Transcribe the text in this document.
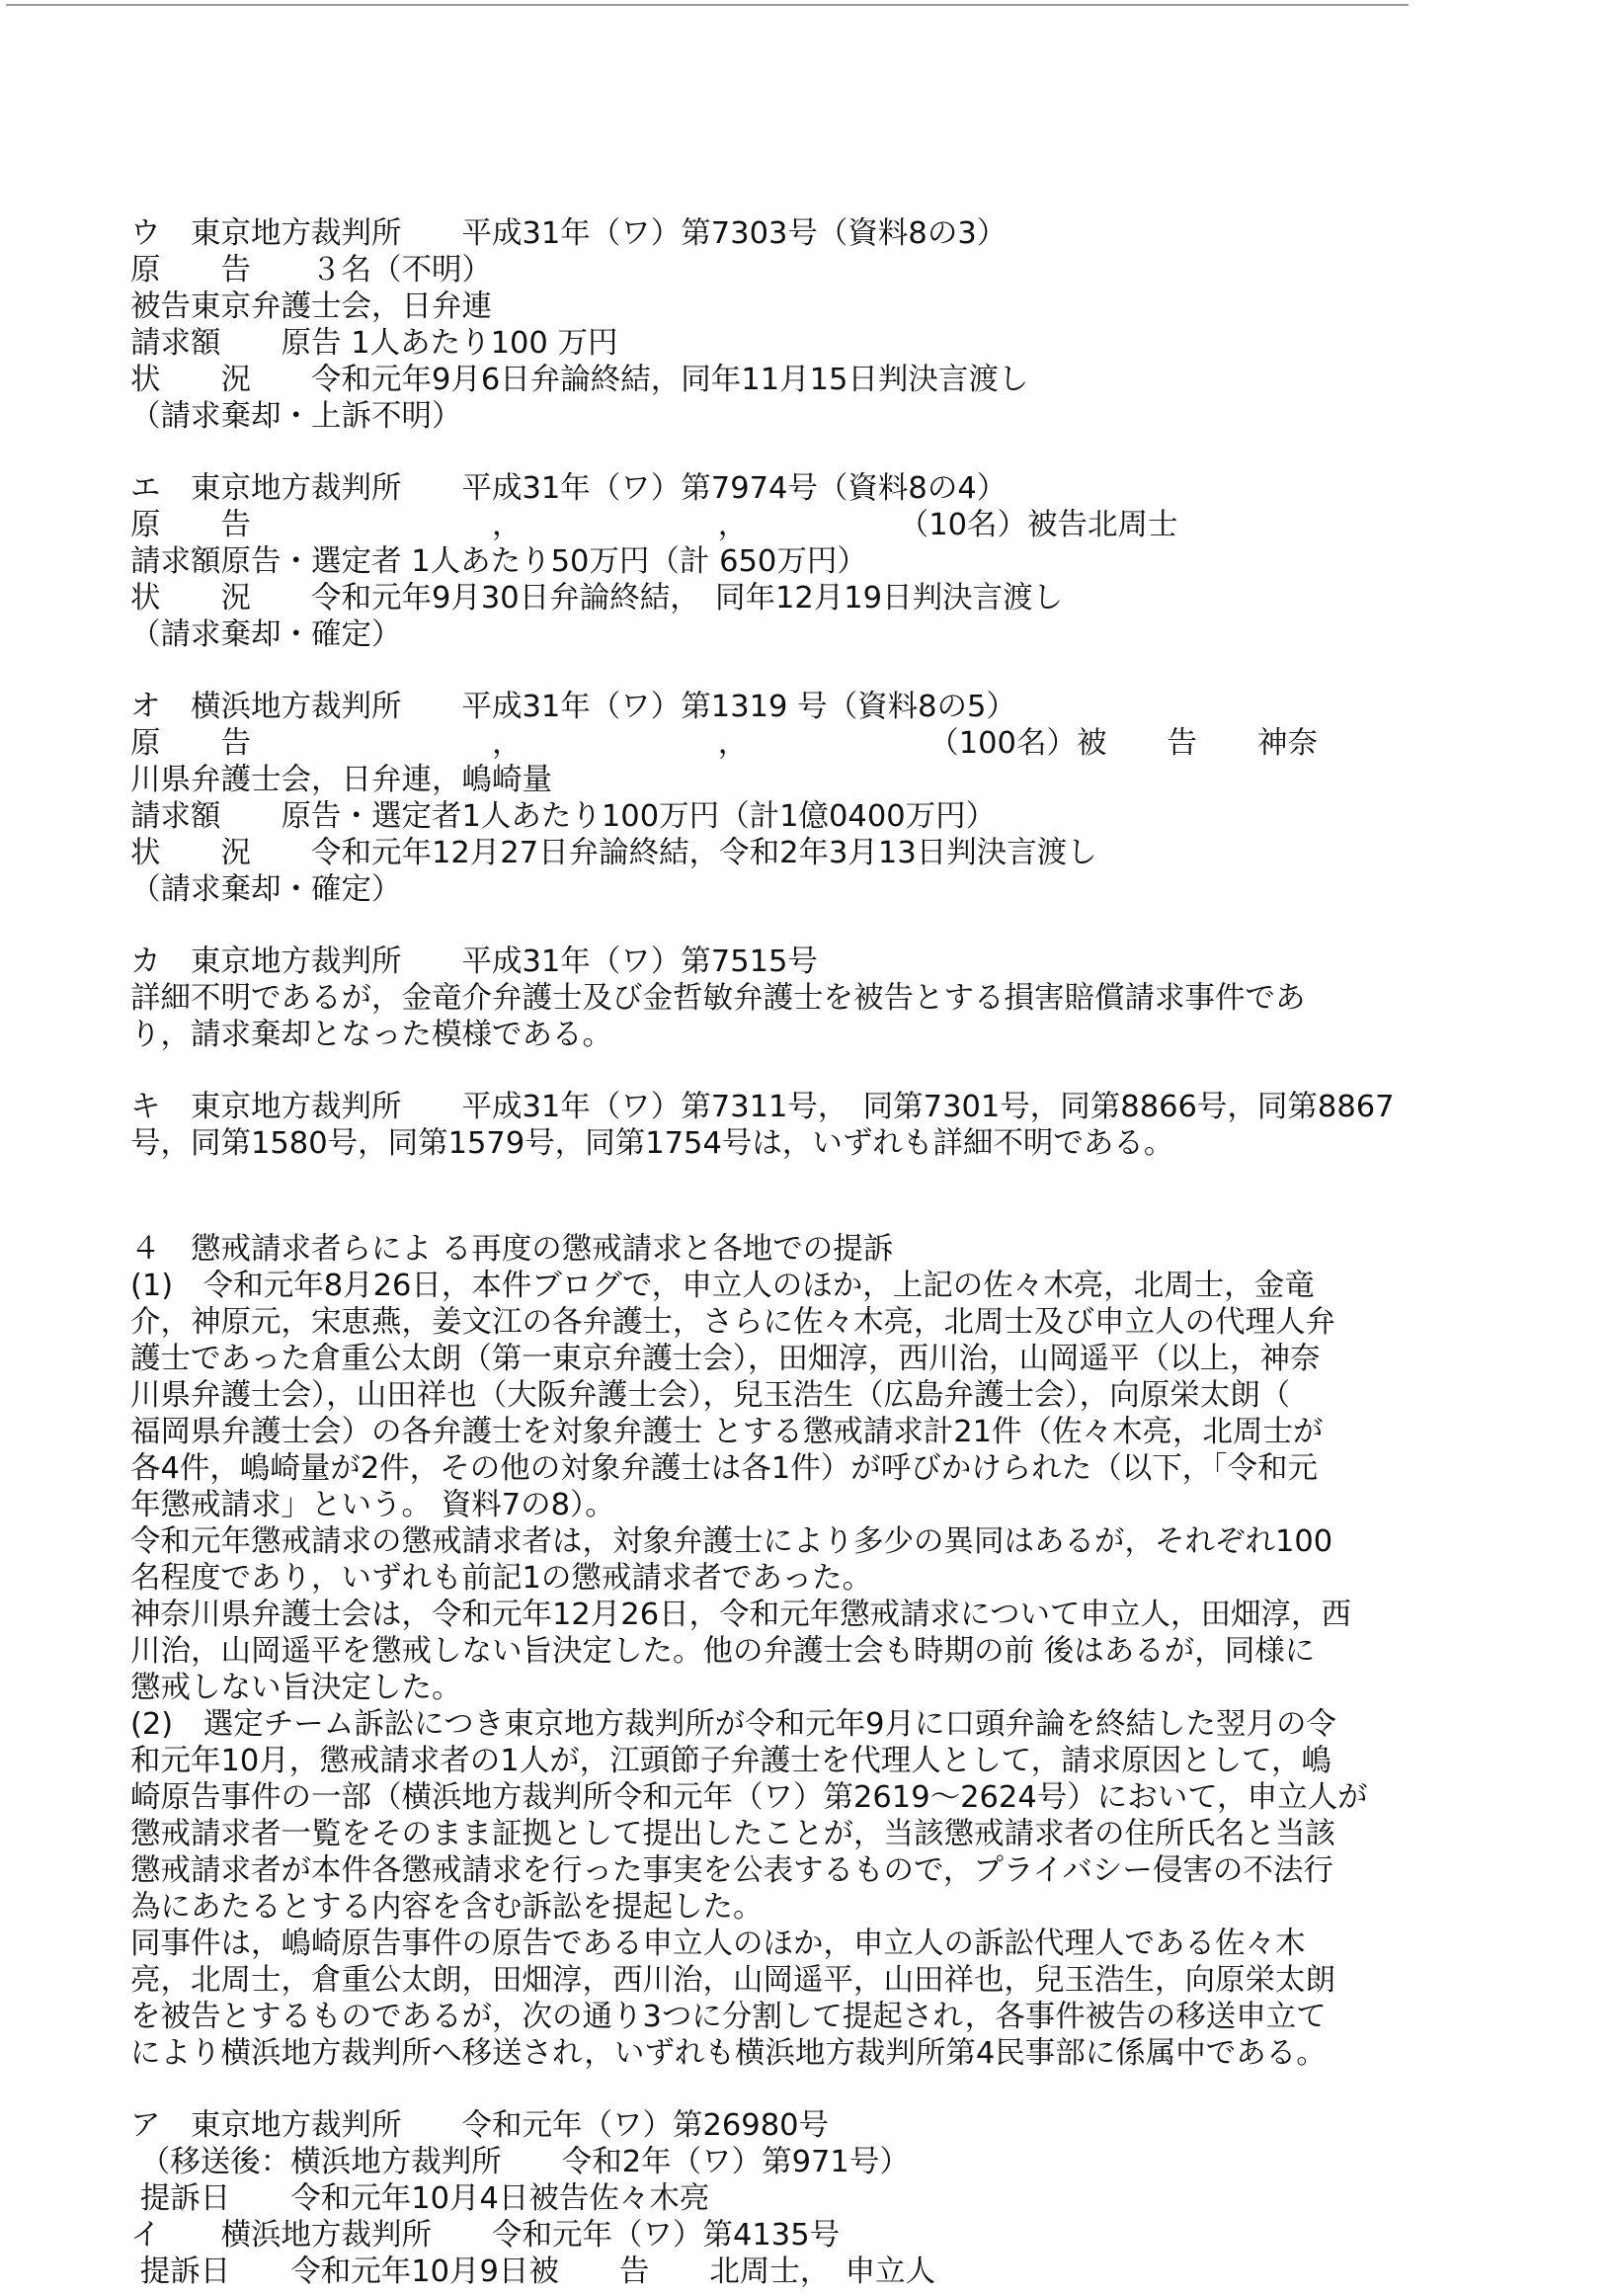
ウ　東京地方裁判所　　平成31年（ワ）第7303号（資料8の3）
原　　告　　３名（不明）
被告東京弁護士会，日弁連
請求額　　原告 1人あたり100 万円
状　　況　　令和元年9月6日弁論終結，同年11月15日判決言渡し
（請求棄却・上訴不明）
エ　東京地方裁判所　　平成31年（ワ）第7974号（資料8の4）
原　　告　　　　　　　　，　　　　　　　，　　　　　　（10名）被告北周士
請求額原告・選定者 1人あたり50万円（計 650万円）
状　　況　　令和元年9月30日弁論終結，　同年12月19日判決言渡し
（請求棄却・確定）
オ　横浜地方裁判所　　平成31年（ワ）第1319 号（資料8の5）
原　　告　　　　　　　　，　　　　　　　，　　　　　　　（100名）被　　告　　神奈
川県弁護士会，日弁連，嶋崎量
請求額　　原告・選定者1人あたり100万円（計1億0400万円）
状　　況　　令和元年12月27日弁論終結，令和2年3月13日判決言渡し
（請求棄却・確定）
カ　東京地方裁判所　　平成31年（ワ）第7515号
詳細不明であるが，金竜介弁護士及び金哲敏弁護士を被告とする損害賠償請求事件であ
り，請求棄却となった模様である。
キ　東京地方裁判所　　平成31年（ワ）第7311号，　同第7301号，同第8866号，同第8867
号，同第1580号，同第1579号，同第1754号は，いずれも詳細不明である。
４　懲戒請求者らによ る再度の懲戒請求と各地での提訴
(1)　令和元年8月26日，本件ブログで，申立人のほか，上記の佐々木亮，北周士，金竜
介，神原元，宋恵燕，姜文江の各弁護士，さらに佐々木亮，北周士及び申立人の代理人弁
護士であった倉重公太朗（第一東京弁護士会），田畑淳，西川治，山岡遥平（以上，神奈
川県弁護士会），山田祥也（大阪弁護士会），兒玉浩生（広島弁護士会），向原栄太朗（
福岡県弁護士会）の各弁護士を対象弁護士 とする懲戒請求計21件（佐々木亮，北周士が
各4件，嶋崎量が2件，その他の対象弁護士は各1件）が呼びかけられた（以下，「令和元
年懲戒請求」という。 資料7の8）。
令和元年懲戒請求の懲戒請求者は，対象弁護士により多少の異同はあるが，それぞれ100
名程度であり，いずれも前記1の懲戒請求者であった。
神奈川県弁護士会は，令和元年12月26日，令和元年懲戒請求について申立人，田畑淳，西
川治，山岡遥平を懲戒しない旨決定した。他の弁護士会も時期の前 後はあるが，同様に
懲戒しない旨決定した。
(2)　選定チーム訴訟につき東京地方裁判所が令和元年9月に口頭弁論を終結した翌月の令
和元年10月，懲戒請求者の1人が，江頭節子弁護士を代理人として，請求原因として，嶋
崎原告事件の一部（横浜地方裁判所令和元年（ワ）第2619～2624号）において，申立人が
懲戒請求者一覧をそのまま証拠として提出したことが，当該懲戒請求者の住所氏名と当該
懲戒請求者が本件各懲戒請求を行った事実を公表するもので，プライバシー侵害の不法行
為にあたるとする内容を含む訴訟を提起した。
同事件は，嶋崎原告事件の原告である申立人のほか，申立人の訴訟代理人である佐々木
亮，北周士，倉重公太朗，田畑淳，西川治，山岡遥平，山田祥也，兒玉浩生，向原栄太朗
を被告とするものであるが，次の通り3つに分割して提起され，各事件被告の移送申立て
により横浜地方裁判所へ移送され，いずれも横浜地方裁判所第4民事部に係属中である。
ア　東京地方裁判所　　令和元年（ワ）第26980号
（移送後：横浜地方裁判所　　令和2年（ワ）第971号）
提訴日　　令和元年10月4日被告佐々木亮
イ　　横浜地方裁判所　　令和元年（ワ）第4135号
提訴日　　令和元年10月9日被　　告　　北周士，　申立人
